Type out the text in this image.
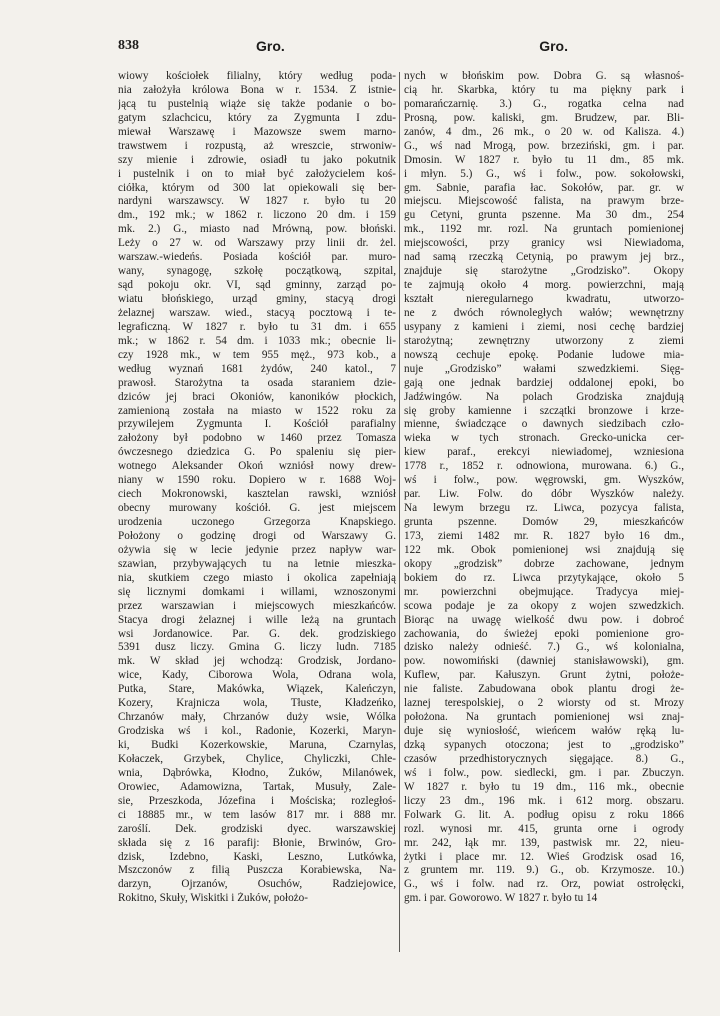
838	Gro.	Gro.
wiowy kościołek filialny, który według poda-
nia założyła królowa Bona w r. 1534. Z istnie-
jącą tu pustelnią wiąże się także podanie o bo-
gatym szlachcicu, który za Zygmunta I zdu-
miewał Warszawę i Mazowsze swem marno-
trawstwem i rozpustą, aż wreszcie, strwoniw-
szy mienie i zdrowie, osiadł tu jako pokutnik
i pustelnik i on to miał być założycielem koś-
ciółka, którym od 300 lat opiekowali się ber-
nardyni warszawscy. W 1827 r. było tu 20
dm., 192 mk.; w 1862 r. liczono 20 dm. i 159
mk. 2.) G., miasto nad Mrówną, pow. błoński.
Leży o 27 w. od Warszawy przy linii dr. żel.
warszaw.-wiedeńs. Posiada kościół par. muro-
wany, synagogę, szkołę początkową, szpital,
sąd pokoju okr. VI, sąd gminny, zarząd po-
wiatu błońskiego, urząd gminy, stacyą drogi
żelaznej warszaw. wied., stacyą pocztową i te-
legraficzną. W 1827 r. było tu 31 dm. i 655
mk.; w 1862 r. 54 dm. i 1033 mk.; obecnie li-
czy 1928 mk., w tem 955 męż., 973 kob., a
według wyznań 1681 żydów, 240 katol., 7
prawosł. Starożytna ta osada staraniem dzie-
dziców jej braci Okoniów, kanoników płockich,
zamienioną została na miasto w 1522 roku za
przywilejem Zygmunta I. Kościół parafialny
założony był podobno w 1460 przez Tomasza
ówczesnego dziedzica G. Po spaleniu się pier-
wotnego Aleksander Okoń wzniósł nowy drew-
niany w 1590 roku. Dopiero w r. 1688 Woj-
ciech Mokronowski, kasztelan rawski, wzniósł
obecny murowany kościół. G. jest miejscem
urodzenia uczonego Grzegorza Knapskiego.
Położony o godzinę drogi od Warszawy G.
ożywia się w lecie jedynie przez napływ war-
szawian, przybywających tu na letnie mieszka-
nia, skutkiem czego miasto i okolica zapełniają
się licznymi domkami i willami, wznoszonymi
przez warszawian i miejscowych mieszkańców.
Stacya drogi żelaznej i wille leżą na gruntach
wsi Jordanowice. Par. G. dek. grodziskiego
5391 dusz liczy. Gmina G. liczy ludn. 7185
mk. W skład jej wchodzą: Grodzisk, Jordano-
wice, Kady, Ciborowa Wola, Odrana wola,
Putka, Stare, Makówka, Wiązek, Kaleńczyn,
Kozery, Krajnicza wola, Tłuste, Kładzeńko,
Chrzanów mały, Chrzanów duży wsie, Wólka
Grodziska wś i kol., Radonie, Kozerki, Maryn-
ki, Budki Kozerkowskie, Maruna, Czarnylas,
Kołaczek, Grzybek, Chylice, Chyliczki, Chle-
wnia, Dąbrówka, Kłodno, Żuków, Milanówek,
Orowiec, Adamowizna, Tartak, Musuły, Zale-
sie, Przeszkoda, Józefina i Mościska; rozległoś-
ci 18885 mr., w tem lasów 817 mr. i 888 mr.
zaroślí. Dek. grodziski dyec. warszawskiej
składa się z 16 parafij: Błonie, Brwinów, Gro-
dzisk, Izdebno, Kaski, Leszno, Lutkówka,
Mszczonów z filią Puszcza Korabiewska, Na-
darzyn, Ojrzanów, Osuchów, Radziejowice,
Rokitno, Skuły, Wiskitki i Żuków, położo-
nych w błońskim pow. Dobra G. są własnoś-
cią hr. Skarbka, który tu ma piękny park i
pomarańczarnię. 3.) G., rogatka celna nad
Prosną, pow. kaliski, gm. Brudzew, par. Bli-
zanów, 4 dm., 26 mk., o 20 w. od Kalisza. 4.)
G., wś nad Mrogą, pow. brzeziński, gm. i par.
Dmosin. W 1827 r. było tu 11 dm., 85 mk.
i młyn. 5.) G., wś i folw., pow. sokołowski,
gm. Sabnie, parafia łac. Sokołów, par. gr. w
miejscu. Miejscowość falista, na prawym brze-
gu Cetyni, grunta pszenne. Ma 30 dm., 254
mk., 1192 mr. rozl. Na gruntach pomienionej
miejscowości, przy granicy wsi Niewiadoma,
nad samą rzeczką Cetynią, po prawym jej brz.,
znajduje się starożytne „Grodzisko”. Okopy
te zajmują około 4 morg. powierzchni, mają
kształt nieregularnego kwadratu, utworzo-
ne z dwóch równoległych wałów; wewnętrzny
usypany z kamieni i ziemi, nosi cechę bardziej
starożytną; zewnętrzny utworzony z ziemi
nowszą cechuje epokę. Podanie ludowe mia-
nuje „Grodzisko” wałami szwedzkiemi. Sięg-
gają one jednak bardziej oddalonej epoki, bo
Jadźwingów. Na polach Grodziska znajdują
się groby kamienne i szczątki bronzowe i krze-
mienne, świadczące o dawnych siedzibach czło-
wieka w tych stronach. Grecko-unicka cer-
kiew paraf., erekcyi niewiadomej, wzniesiona
1778 r., 1852 r. odnowiona, murowana. 6.) G.,
wś i folw., pow. węgrowski, gm. Wyszków,
par. Liw. Folw. do dóbr Wyszków należy.
Na lewym brzegu rz. Liwca, pozycya falista,
grunta pszenne. Domów 29, mieszkańców
173, ziemi 1482 mr. R. 1827 było 16 dm.,
122 mk. Obok pomienionej wsi znajdują się
okopy „grodzisk” dobrze zachowane, jednym
bokiem do rz. Liwca przytykające, około 5
mr. powierzchni obejmujące. Tradycya miej-
scowa podaje je za okopy z wojen szwedzkich.
Biorąc na uwagę wielkość dwu pow. i dobroć
zachowania, do świeżej epoki pomienione gro-
dzisko należy odnieść. 7.) G., wś kolonialna,
pow. nowomiński (dawniej stanisławowski), gm.
Kuflew, par. Kałuszyn. Grunt żytni, położe-
nie faliste. Zabudowana obok plantu drogi że-
laznej terespolskiej, o 2 wiorsty od st. Mrozy
położona. Na gruntach pomienionej wsi znaj-
duje się wyniosłość, wieńcem wałów ręką lu-
dzką sypanych otoczona; jest to „grodzisko”
czasów przedhistorycznych sięgające. 8.) G.,
wś i folw., pow. siedlecki, gm. i par. Zbuczyn.
W 1827 r. było tu 19 dm., 116 mk., obecnie
liczy 23 dm., 196 mk. i 612 morg. obszaru.
Folwark G. lit. A. podług opisu z roku 1866
rozl. wynosi mr. 415, grunta orne i ogrody
mr. 242, łąk mr. 139, pastwisk mr. 22, nieu-
żytki i place mr. 12. Wieś Grodzisk osad 16,
z gruntem mr. 119. 9.) G., ob. Krzymosze. 10.)
G., wś i folw. nad rz. Orz, powiat ostrołęcki,
gm. i par. Goworowo. W 1827 r. było tu 14
